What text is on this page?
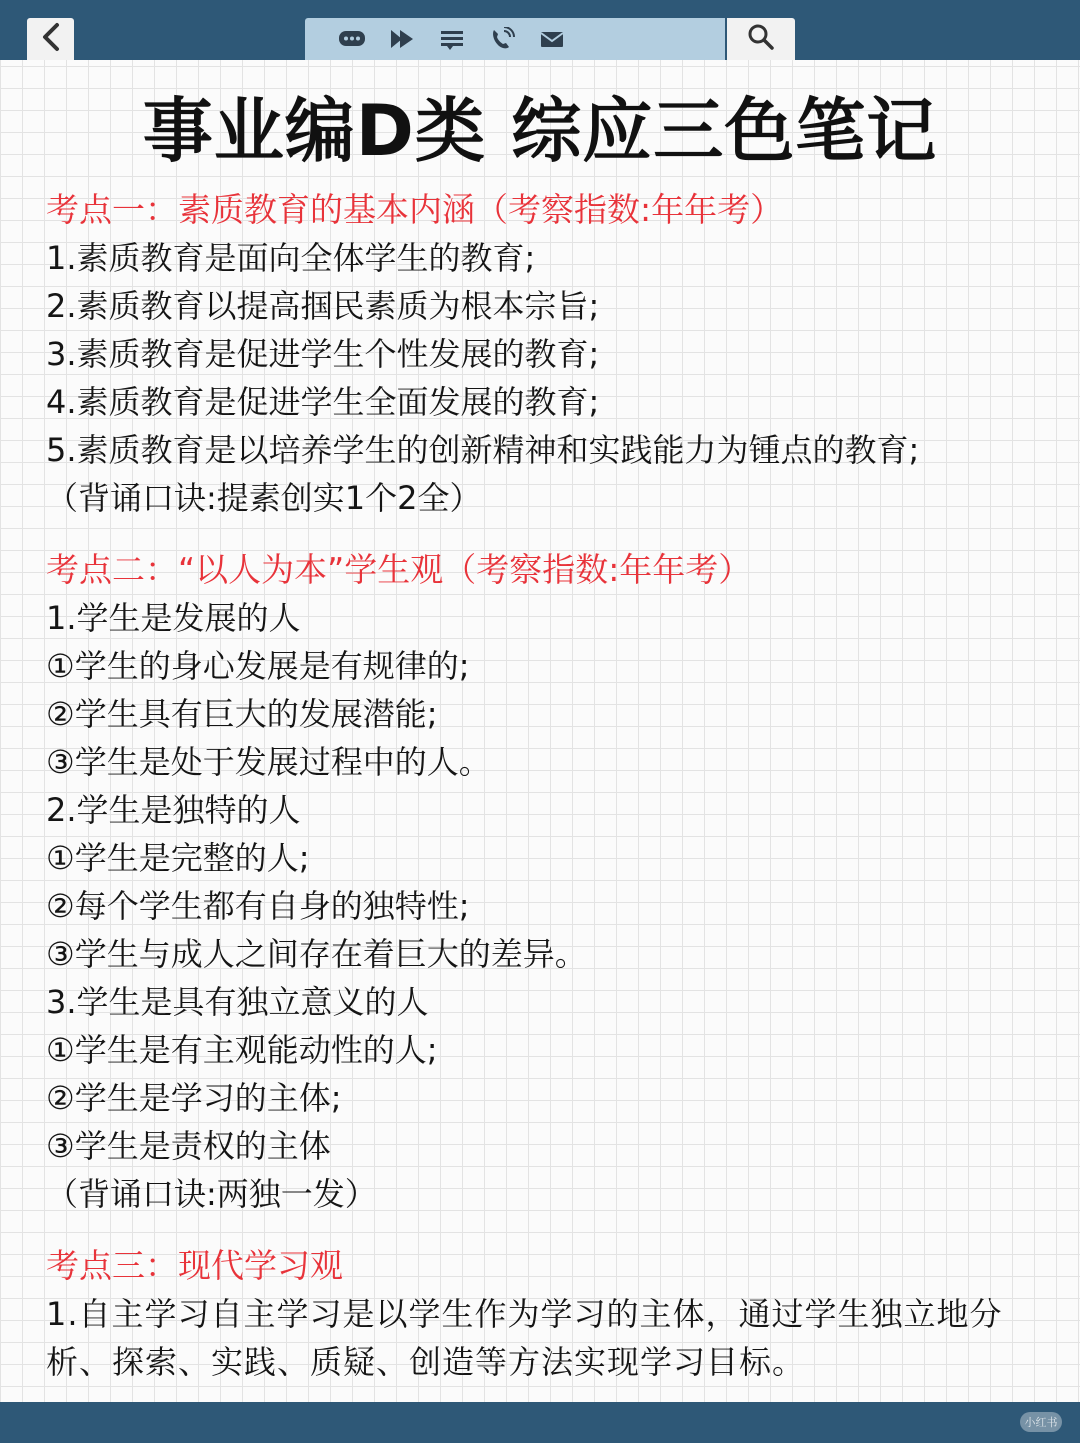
事业编D类 综应三色笔记
考点一：素质教育的基本内涵（考察指数:年年考）
1.素质教育是面向全体学生的教育;
2.素质教育以提高掴民素质为根本宗旨;
3.素质教育是促进学生个性发展的教育;
4.素质教育是促进学生全面发展的教育;
5.素质教育是以培养学生的创新精神和实践能力为锺点的教育;
（背诵口诀:提素创实1个2全）
考点二：“以人为本”学生观（考察指数:年年考）
1.学生是发展的人
①学生的身心发展是有规律的;
②学生具有巨大的发展潜能;
③学生是处于发展过程中的人。
2.学生是独特的人
①学生是完整的人;
②每个学生都有自身的独特性;
③学生与成人之间存在着巨大的差异。
3.学生是具有独立意义的人
①学生是有主观能动性的人;
②学生是学习的主体;
③学生是责权的主体
（背诵口诀:两独一发）
考点三：现代学习观
1.自主学习自主学习是以学生作为学习的主体，通过学生独立地分析、探索、实践、质疑、创造等方法实现学习目标。
小红书
